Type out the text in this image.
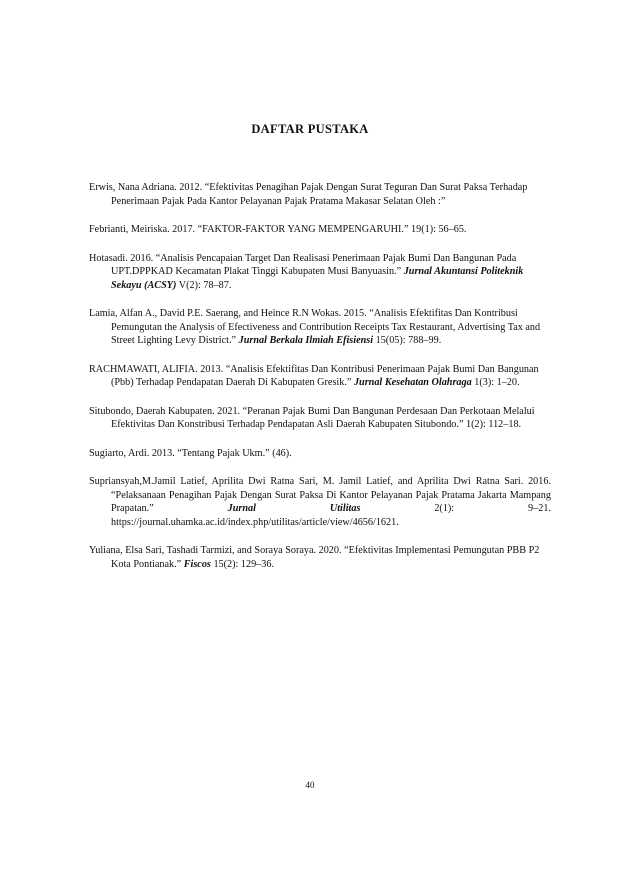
DAFTAR PUSTAKA
Erwis, Nana Adriana. 2012. “Efektivitas Penagihan Pajak Dengan Surat Teguran Dan Surat Paksa Terhadap Penerimaan Pajak Pada Kantor Pelayanan Pajak Pratama Makasar Selatan Oleh :”
Febrianti, Meiriska. 2017. “FAKTOR-FAKTOR YANG MEMPENGARUHI.” 19(1): 56–65.
Hotasadi. 2016. “Analisis Pencapaian Target Dan Realisasi Penerimaan Pajak Bumi Dan Bangunan Pada UPT.DPPKAD Kecamatan Plakat Tinggi Kabupaten Musi Banyuasin.” Jurnal Akuntansi Politeknik Sekayu (ACSY) V(2): 78–87.
Lamia, Alfan A., David P.E. Saerang, and Heince R.N Wokas. 2015. “Analisis Efektifitas Dan Kontribusi Pemungutan the Analysis of Efectiveness and Contribution Receipts Tax Restaurant, Advertising Tax and Street Lighting Levy District.” Jurnal Berkala Ilmiah Efisiensi 15(05): 788–99.
RACHMAWATI, ALIFIA. 2013. “Analisis Efektifitas Dan Kontribusi Penerimaan Pajak Bumi Dan Bangunan (Pbb) Terhadap Pendapatan Daerah Di Kabupaten Gresik.” Jurnal Kesehatan Olahraga 1(3): 1–20.
Situbondo, Daerah Kabupaten. 2021. “Peranan Pajak Bumi Dan Bangunan Perdesaan Dan Perkotaan Melalui Efektivitas Dan Konstribusi Terhadap Pendapatan Asli Daerah Kabupaten Situbondo.” 1(2): 112–18.
Sugiarto, Ardi. 2013. “Tentang Pajak Ukm.” (46).
Supriansyah,M.Jamil Latief, Aprilita Dwi Ratna Sari, M. Jamil Latief, and Aprilita Dwi Ratna Sari. 2016. “Pelaksanaan Penagihan Pajak Dengan Surat Paksa Di Kantor Pelayanan Pajak Pratama Jakarta Mampang Prapatan.” Jurnal Utilitas 2(1): 9–21. https://journal.uhamka.ac.id/index.php/utilitas/article/view/4656/1621.
Yuliana, Elsa Sari, Tashadi Tarmizi, and Soraya Soraya. 2020. “Efektivitas Implementasi Pemungutan PBB P2 Kota Pontianak.” Fiscos 15(2): 129–36.

40
